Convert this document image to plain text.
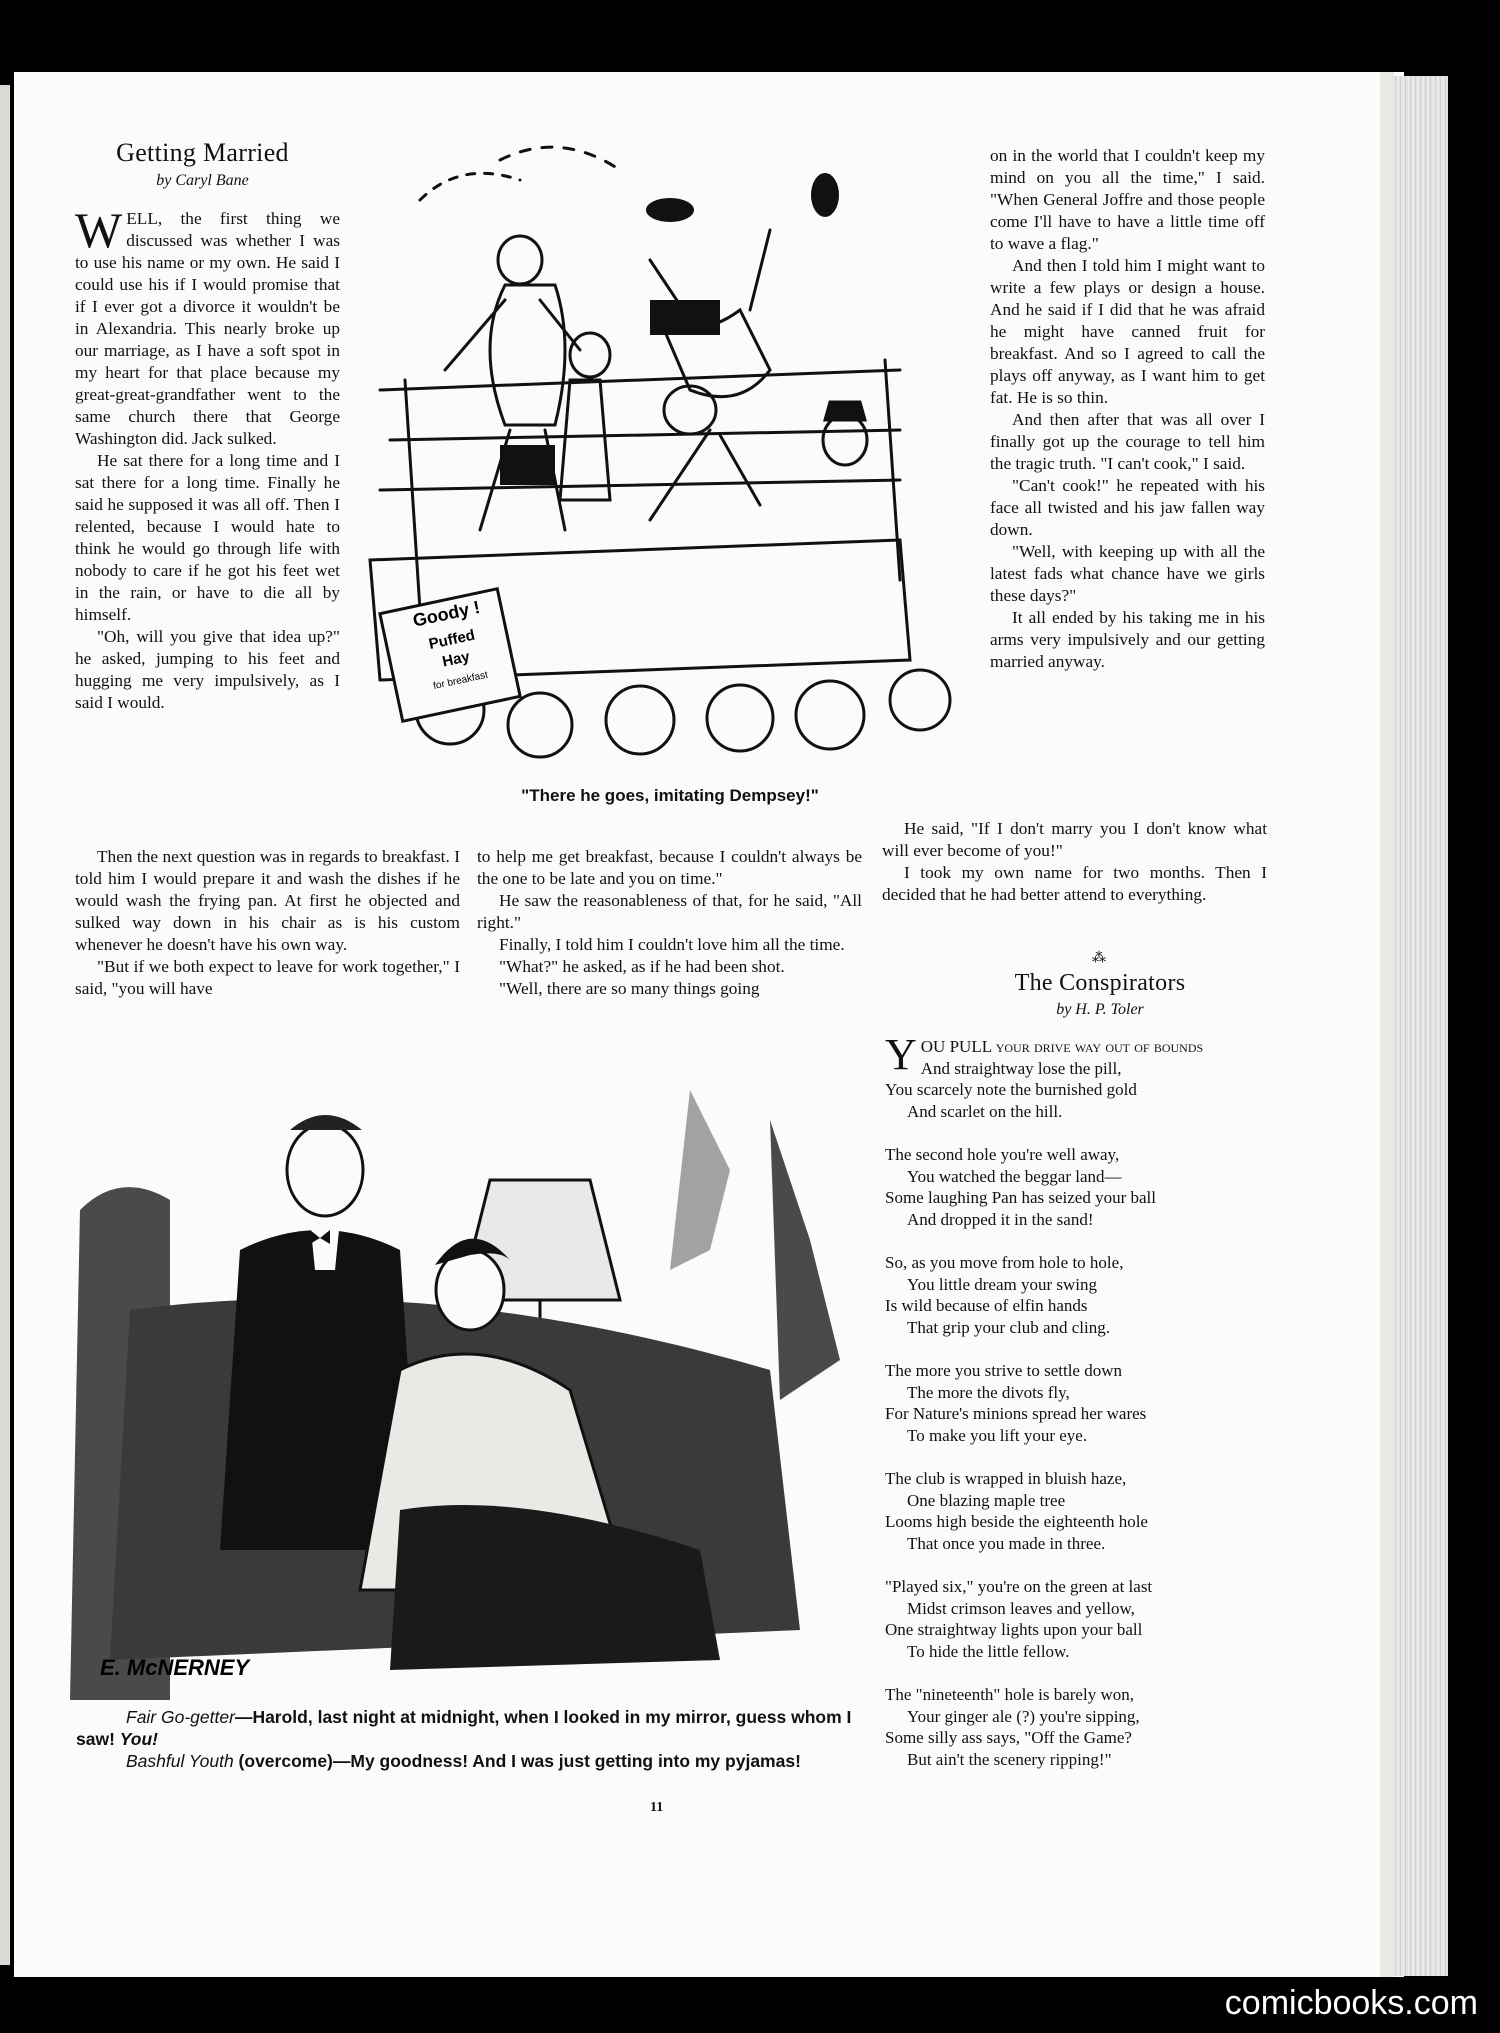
Getting Married
by Caryl Bane

WELL, the first thing we discussed was whether I was to use his name or my own. He said I could use his if I would promise that if I ever got a divorce it wouldn't be in Alexandria. This nearly broke up our marriage, as I have a soft spot in my heart for that place because my great-great-grandfather went to the same church there that George Washington did. Jack sulked.

He sat there for a long time and I sat there for a long time. Finally he said he supposed it was all off. Then I relented, because I would hate to think he would go through life with nobody to care if he got his feet wet in the rain, or have to die all by himself.

"Oh, will you give that idea up?" he asked, jumping to his feet and hugging me very impulsively, as I said I would.

Then the next question was in regards to breakfast. I told him I would prepare it and wash the dishes if he would wash the frying pan. At first he objected and sulked way down in his chair as is his custom whenever he doesn't have his own way.

"But if we both expect to leave for work together," I said, "you will have

to help me get breakfast, because I couldn't always be the one to be late and you on time."

He saw the reasonableness of that, for he said, "All right."

Finally, I told him I couldn't love him all the time.

"What?" he asked, as if he had been shot.

"Well, there are so many things going

on in the world that I couldn't keep my mind on you all the time," I said. "When General Joffre and those people come I'll have to have a little time off to wave a flag."

And then I told him I might want to write a few plays or design a house. And he said if I did that he was afraid he might have canned fruit for breakfast. And so I agreed to call the plays off anyway, as I want him to get fat. He is so thin.

And then after that was all over I finally got up the courage to tell him the tragic truth. "I can't cook," I said.

"Can't cook!" he repeated with his face all twisted and his jaw fallen way down.

"Well, with keeping up with all the latest fads what chance have we girls these days?"

It all ended by his taking me in his arms very impulsively and our getting married anyway.

He said, "If I don't marry you I don't know what will ever become of you!"

I took my own name for two months. Then I decided that he had better attend to everything.

Goody !
Puffed
Hay
for breakfast
"There he goes, imitating Dempsey!"
⁂
The Conspirators
by H. P. Toler
YOU PULL your drive way out of bounds
And straightway lose the pill,
You scarcely note the burnished gold
And scarlet on the hill.
The second hole you're well away,
You watched the beggar land—
Some laughing Pan has seized your ball
And dropped it in the sand!
So, as you move from hole to hole,
You little dream your swing
Is wild because of elfin hands
That grip your club and cling.
The more you strive to settle down
The more the divots fly,
For Nature's minions spread her wares
To make you lift your eye.
The club is wrapped in bluish haze,
One blazing maple tree
Looms high beside the eighteenth hole
That once you made in three.
"Played six," you're on the green at last
Midst crimson leaves and yellow,
One straightway lights upon your ball
To hide the little fellow.
The "nineteenth" hole is barely won,
Your ginger ale (?) you're sipping,
Some silly ass says, "Off the Game?
But ain't the scenery ripping!"
E. McNERNEY
Fair Go-getter—Harold, last night at midnight, when I looked in my mirror, guess whom I saw! You!
Bashful Youth (overcome)—My goodness! And I was just getting into my pyjamas!
11
comicbooks.com
